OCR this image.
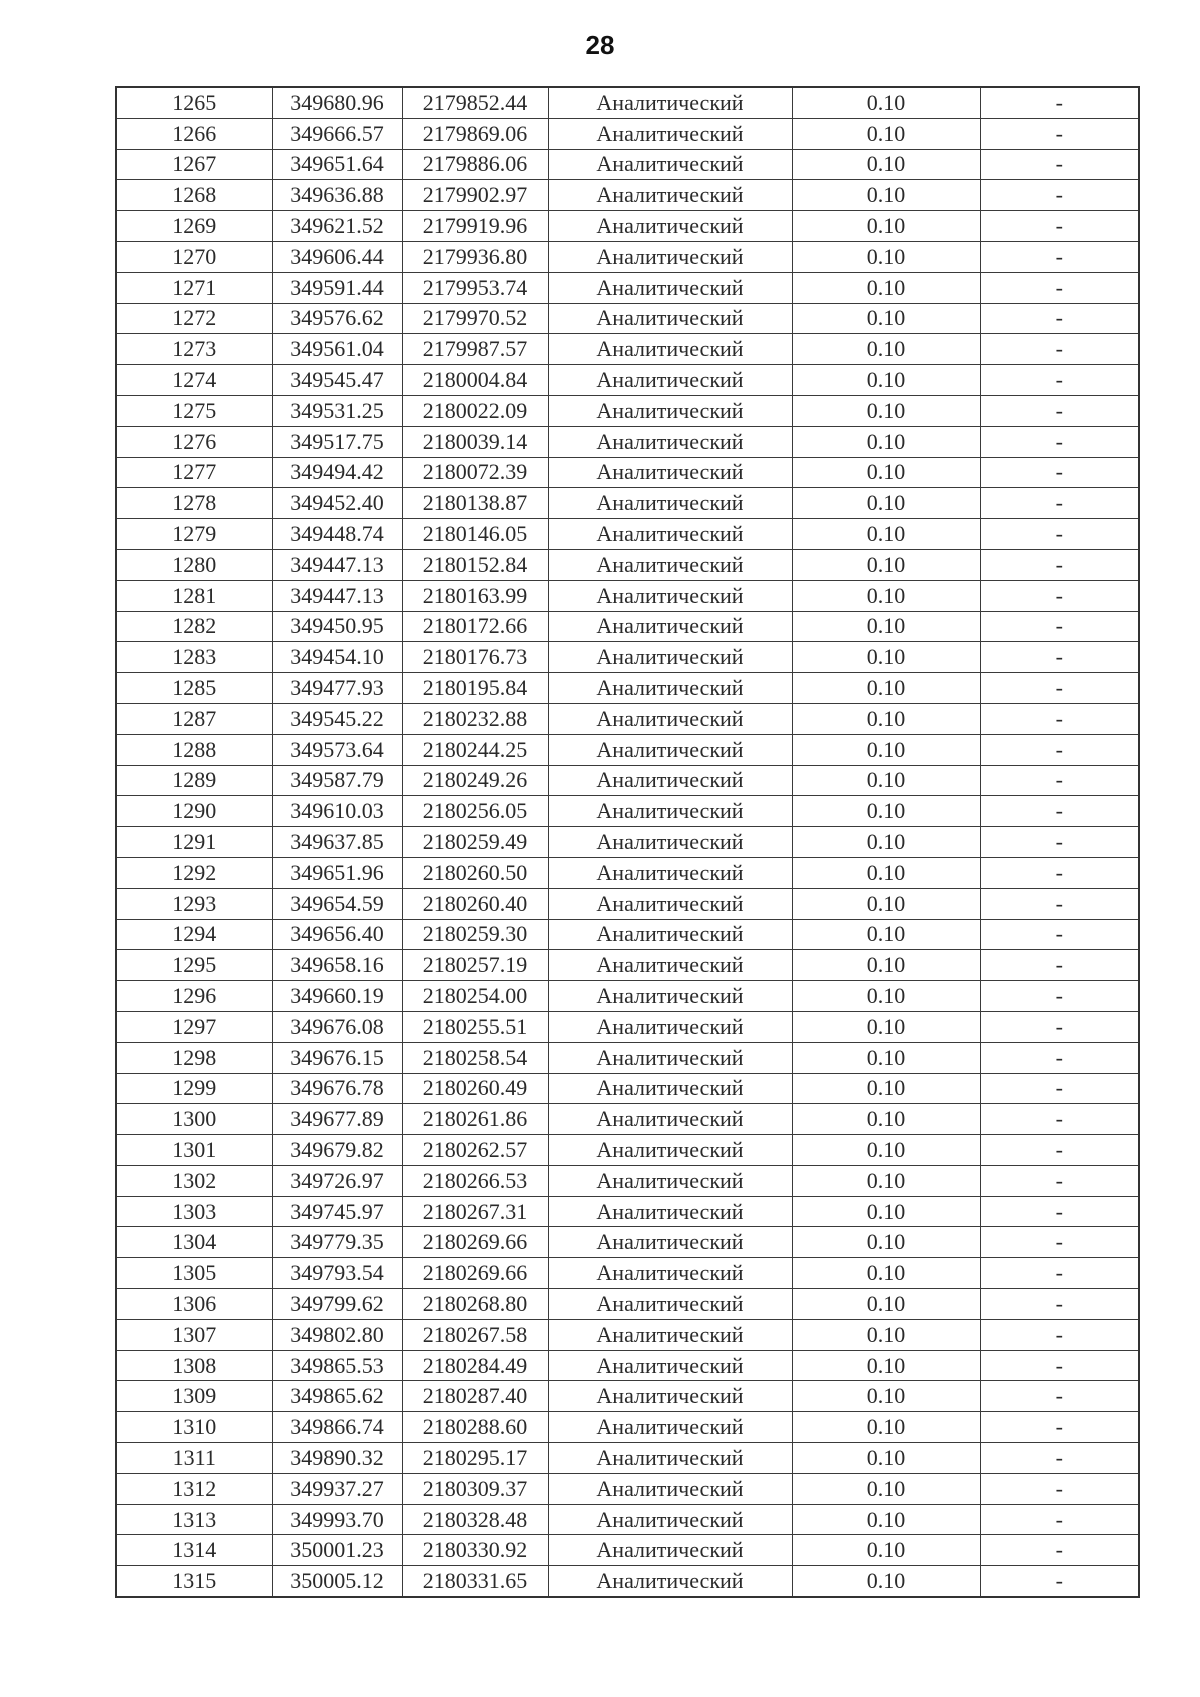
28
1265	349680.96	2179852.44	Аналитический	0.10	-
1266	349666.57	2179869.06	Аналитический	0.10	-
1267	349651.64	2179886.06	Аналитический	0.10	-
1268	349636.88	2179902.97	Аналитический	0.10	-
1269	349621.52	2179919.96	Аналитический	0.10	-
1270	349606.44	2179936.80	Аналитический	0.10	-
1271	349591.44	2179953.74	Аналитический	0.10	-
1272	349576.62	2179970.52	Аналитический	0.10	-
1273	349561.04	2179987.57	Аналитический	0.10	-
1274	349545.47	2180004.84	Аналитический	0.10	-
1275	349531.25	2180022.09	Аналитический	0.10	-
1276	349517.75	2180039.14	Аналитический	0.10	-
1277	349494.42	2180072.39	Аналитический	0.10	-
1278	349452.40	2180138.87	Аналитический	0.10	-
1279	349448.74	2180146.05	Аналитический	0.10	-
1280	349447.13	2180152.84	Аналитический	0.10	-
1281	349447.13	2180163.99	Аналитический	0.10	-
1282	349450.95	2180172.66	Аналитический	0.10	-
1283	349454.10	2180176.73	Аналитический	0.10	-
1285	349477.93	2180195.84	Аналитический	0.10	-
1287	349545.22	2180232.88	Аналитический	0.10	-
1288	349573.64	2180244.25	Аналитический	0.10	-
1289	349587.79	2180249.26	Аналитический	0.10	-
1290	349610.03	2180256.05	Аналитический	0.10	-
1291	349637.85	2180259.49	Аналитический	0.10	-
1292	349651.96	2180260.50	Аналитический	0.10	-
1293	349654.59	2180260.40	Аналитический	0.10	-
1294	349656.40	2180259.30	Аналитический	0.10	-
1295	349658.16	2180257.19	Аналитический	0.10	-
1296	349660.19	2180254.00	Аналитический	0.10	-
1297	349676.08	2180255.51	Аналитический	0.10	-
1298	349676.15	2180258.54	Аналитический	0.10	-
1299	349676.78	2180260.49	Аналитический	0.10	-
1300	349677.89	2180261.86	Аналитический	0.10	-
1301	349679.82	2180262.57	Аналитический	0.10	-
1302	349726.97	2180266.53	Аналитический	0.10	-
1303	349745.97	2180267.31	Аналитический	0.10	-
1304	349779.35	2180269.66	Аналитический	0.10	-
1305	349793.54	2180269.66	Аналитический	0.10	-
1306	349799.62	2180268.80	Аналитический	0.10	-
1307	349802.80	2180267.58	Аналитический	0.10	-
1308	349865.53	2180284.49	Аналитический	0.10	-
1309	349865.62	2180287.40	Аналитический	0.10	-
1310	349866.74	2180288.60	Аналитический	0.10	-
1311	349890.32	2180295.17	Аналитический	0.10	-
1312	349937.27	2180309.37	Аналитический	0.10	-
1313	349993.70	2180328.48	Аналитический	0.10	-
1314	350001.23	2180330.92	Аналитический	0.10	-
1315	350005.12	2180331.65	Аналитический	0.10	-
